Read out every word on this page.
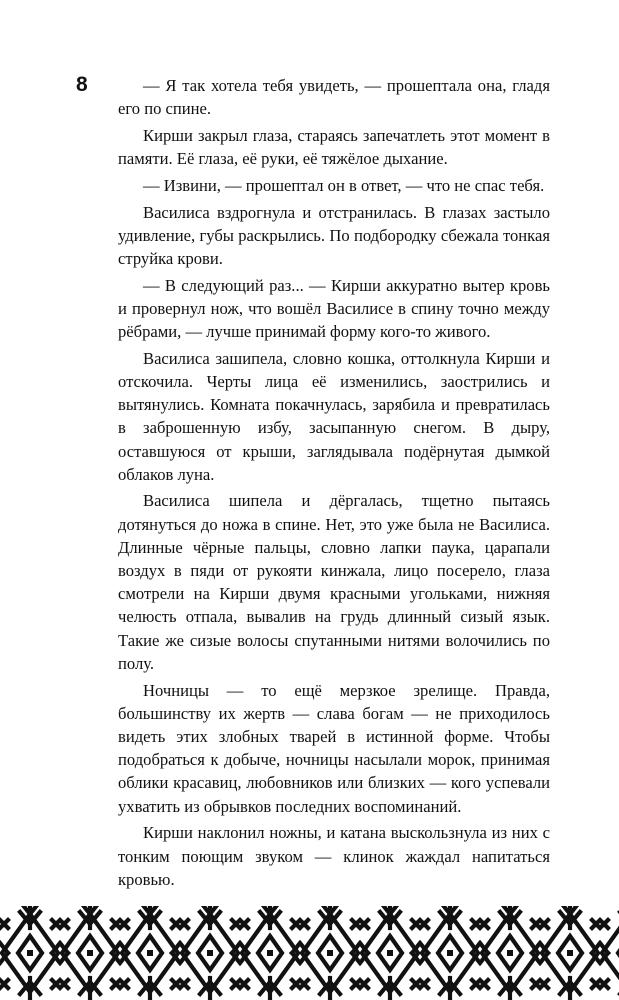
8	— Я так хотела тебя увидеть, — прошептала она, гладя его по спине.

Кирши закрыл глаза, стараясь запечатлеть этот момент в памяти. Её глаза, её руки, её тяжёлое дыхание.

— Извини, — прошептал он в ответ, — что не спас тебя.

Василиса вздрогнула и отстранилась. В глазах застыло удивление, губы раскрылись. По подбородку сбежала тонкая струйка крови.

— В следующий раз... — Кирши аккуратно вытер кровь и провернул нож, что вошёл Василисе в спину точно между рёбрами, — лучше принимай форму кого-то живого.

Василиса зашипела, словно кошка, оттолкнула Кирши и отскочила. Черты лица её изменились, заострились и вытянулись. Комната покачнулась, зарябила и превратилась в заброшенную избу, засыпанную снегом. В дыру, оставшуюся от крыши, заглядывала подёрнутая дымкой облаков луна.

Василиса шипела и дёргалась, тщетно пытаясь дотянуться до ножа в спине. Нет, это уже была не Василиса. Длинные чёрные пальцы, словно лапки паука, царапали воздух в пяди от рукояти кинжала, лицо посерело, глаза смотрели на Кирши двумя красными угольками, нижняя челюсть отпала, вывалив на грудь длинный сизый язык. Такие же сизые волосы спутанными нитями волочились по полу.

Ночницы — то ещё мерзкое зрелище. Правда, большинству их жертв — слава богам — не приходилось видеть этих злобных тварей в истинной форме. Чтобы подобраться к добыче, ночницы насылали морок, принимая облики красавиц, любовников или близких — кого успевали ухватить из обрывков последних воспоминаний.

Кирши наклонил ножны, и катана выскользнула из них с тонким поющим звуком — клинок жаждал напитаться кровью.
